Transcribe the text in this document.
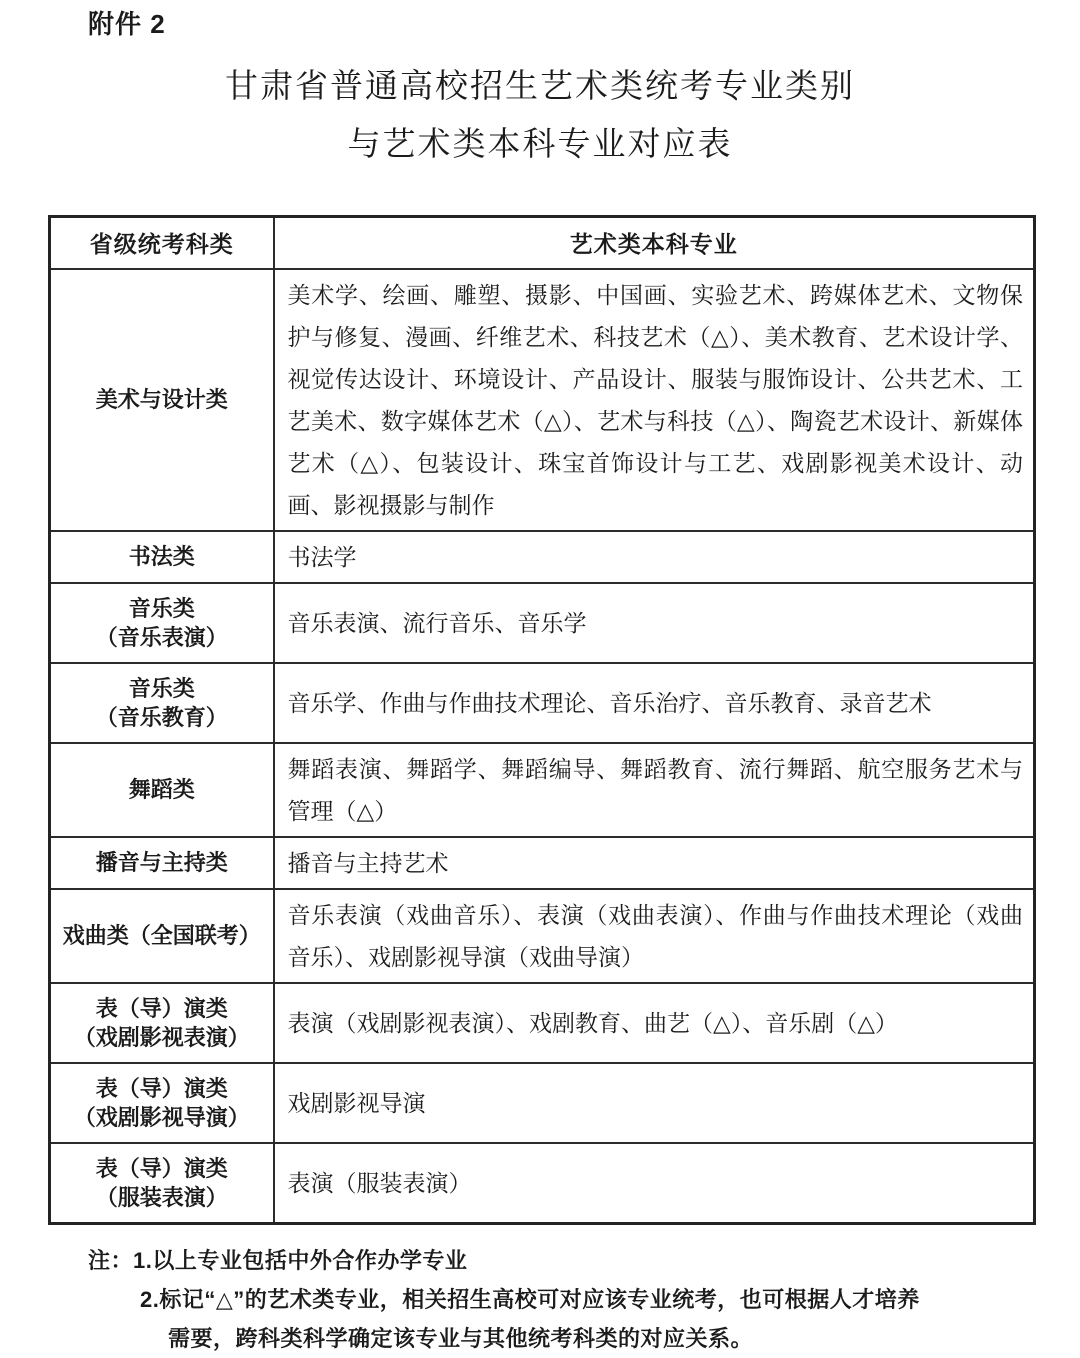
附件 2
甘肃省普通高校招生艺术类统考专业类别
与艺术类本科专业对应表
省级统考科类	艺术类本科专业

美术与设计类	美术学、绘画、雕塑、摄影、中国画、实验艺术、跨媒体艺术、文物保护与修复、漫画、纤维艺术、科技艺术（△）、美术教育、艺术设计学、视觉传达设计、环境设计、产品设计、服装与服饰设计、公共艺术、工艺美术、数字媒体艺术（△）、艺术与科技（△）、陶瓷艺术设计、新媒体艺术（△）、包装设计、珠宝首饰设计与工艺、戏剧影视美术设计、动画、影视摄影与制作

书法类	书法学

音乐类
（音乐表演）	音乐表演、流行音乐、音乐学

音乐类
（音乐教育）	音乐学、作曲与作曲技术理论、音乐治疗、音乐教育、录音艺术

舞蹈类	舞蹈表演、舞蹈学、舞蹈编导、舞蹈教育、流行舞蹈、航空服务艺术与管理（△）

播音与主持类	播音与主持艺术

戏曲类（全国联考）	音乐表演（戏曲音乐）、表演（戏曲表演）、作曲与作曲技术理论（戏曲音乐）、戏剧影视导演（戏曲导演）

表（导）演类
（戏剧影视表演）	表演（戏剧影视表演）、戏剧教育、曲艺（△）、音乐剧（△）

表（导）演类
（戏剧影视导演）	戏剧影视导演

表（导）演类
（服装表演）	表演（服装表演）
注：1.以上专业包括中外合作办学专业
2.标记“△”的艺术类专业，相关招生高校可对应该专业统考，也可根据人才培养
需要，跨科类科学确定该专业与其他统考科类的对应关系。
